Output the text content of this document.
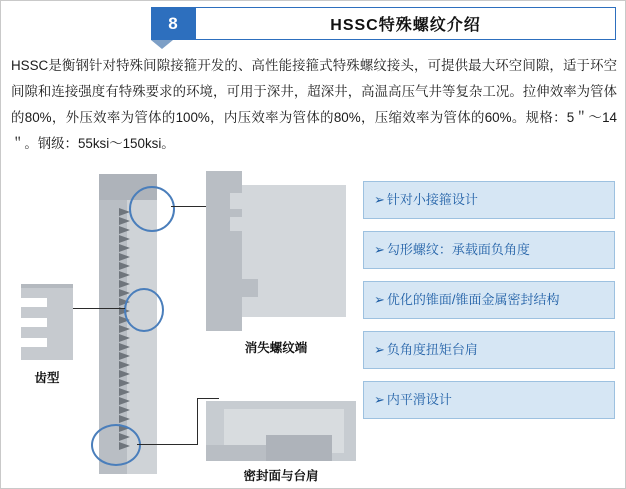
8	HSSC特殊螺纹介绍
HSSC是衡钢针对特殊间隙接箍开发的、高性能接箍式特殊螺纹接头，可提供最大环空间隙，适于环空间隙和连接强度有特殊要求的环境，可用于深井，超深井，高温高压气井等复杂工况。拉伸效率为管体的80%，外压效率为管体的100%，内压效率为管体的80%，压缩效率为管体的60%。规格：5＂～14＂。钢级：55ksi～150ksi。
齿型
消失螺纹端
密封面与台肩
➢ 针对小接箍设计
➢ 勾形螺纹：承载面负角度
➢ 优化的锥面/锥面金属密封结构
➢ 负角度扭矩台肩
➢ 内平滑设计
